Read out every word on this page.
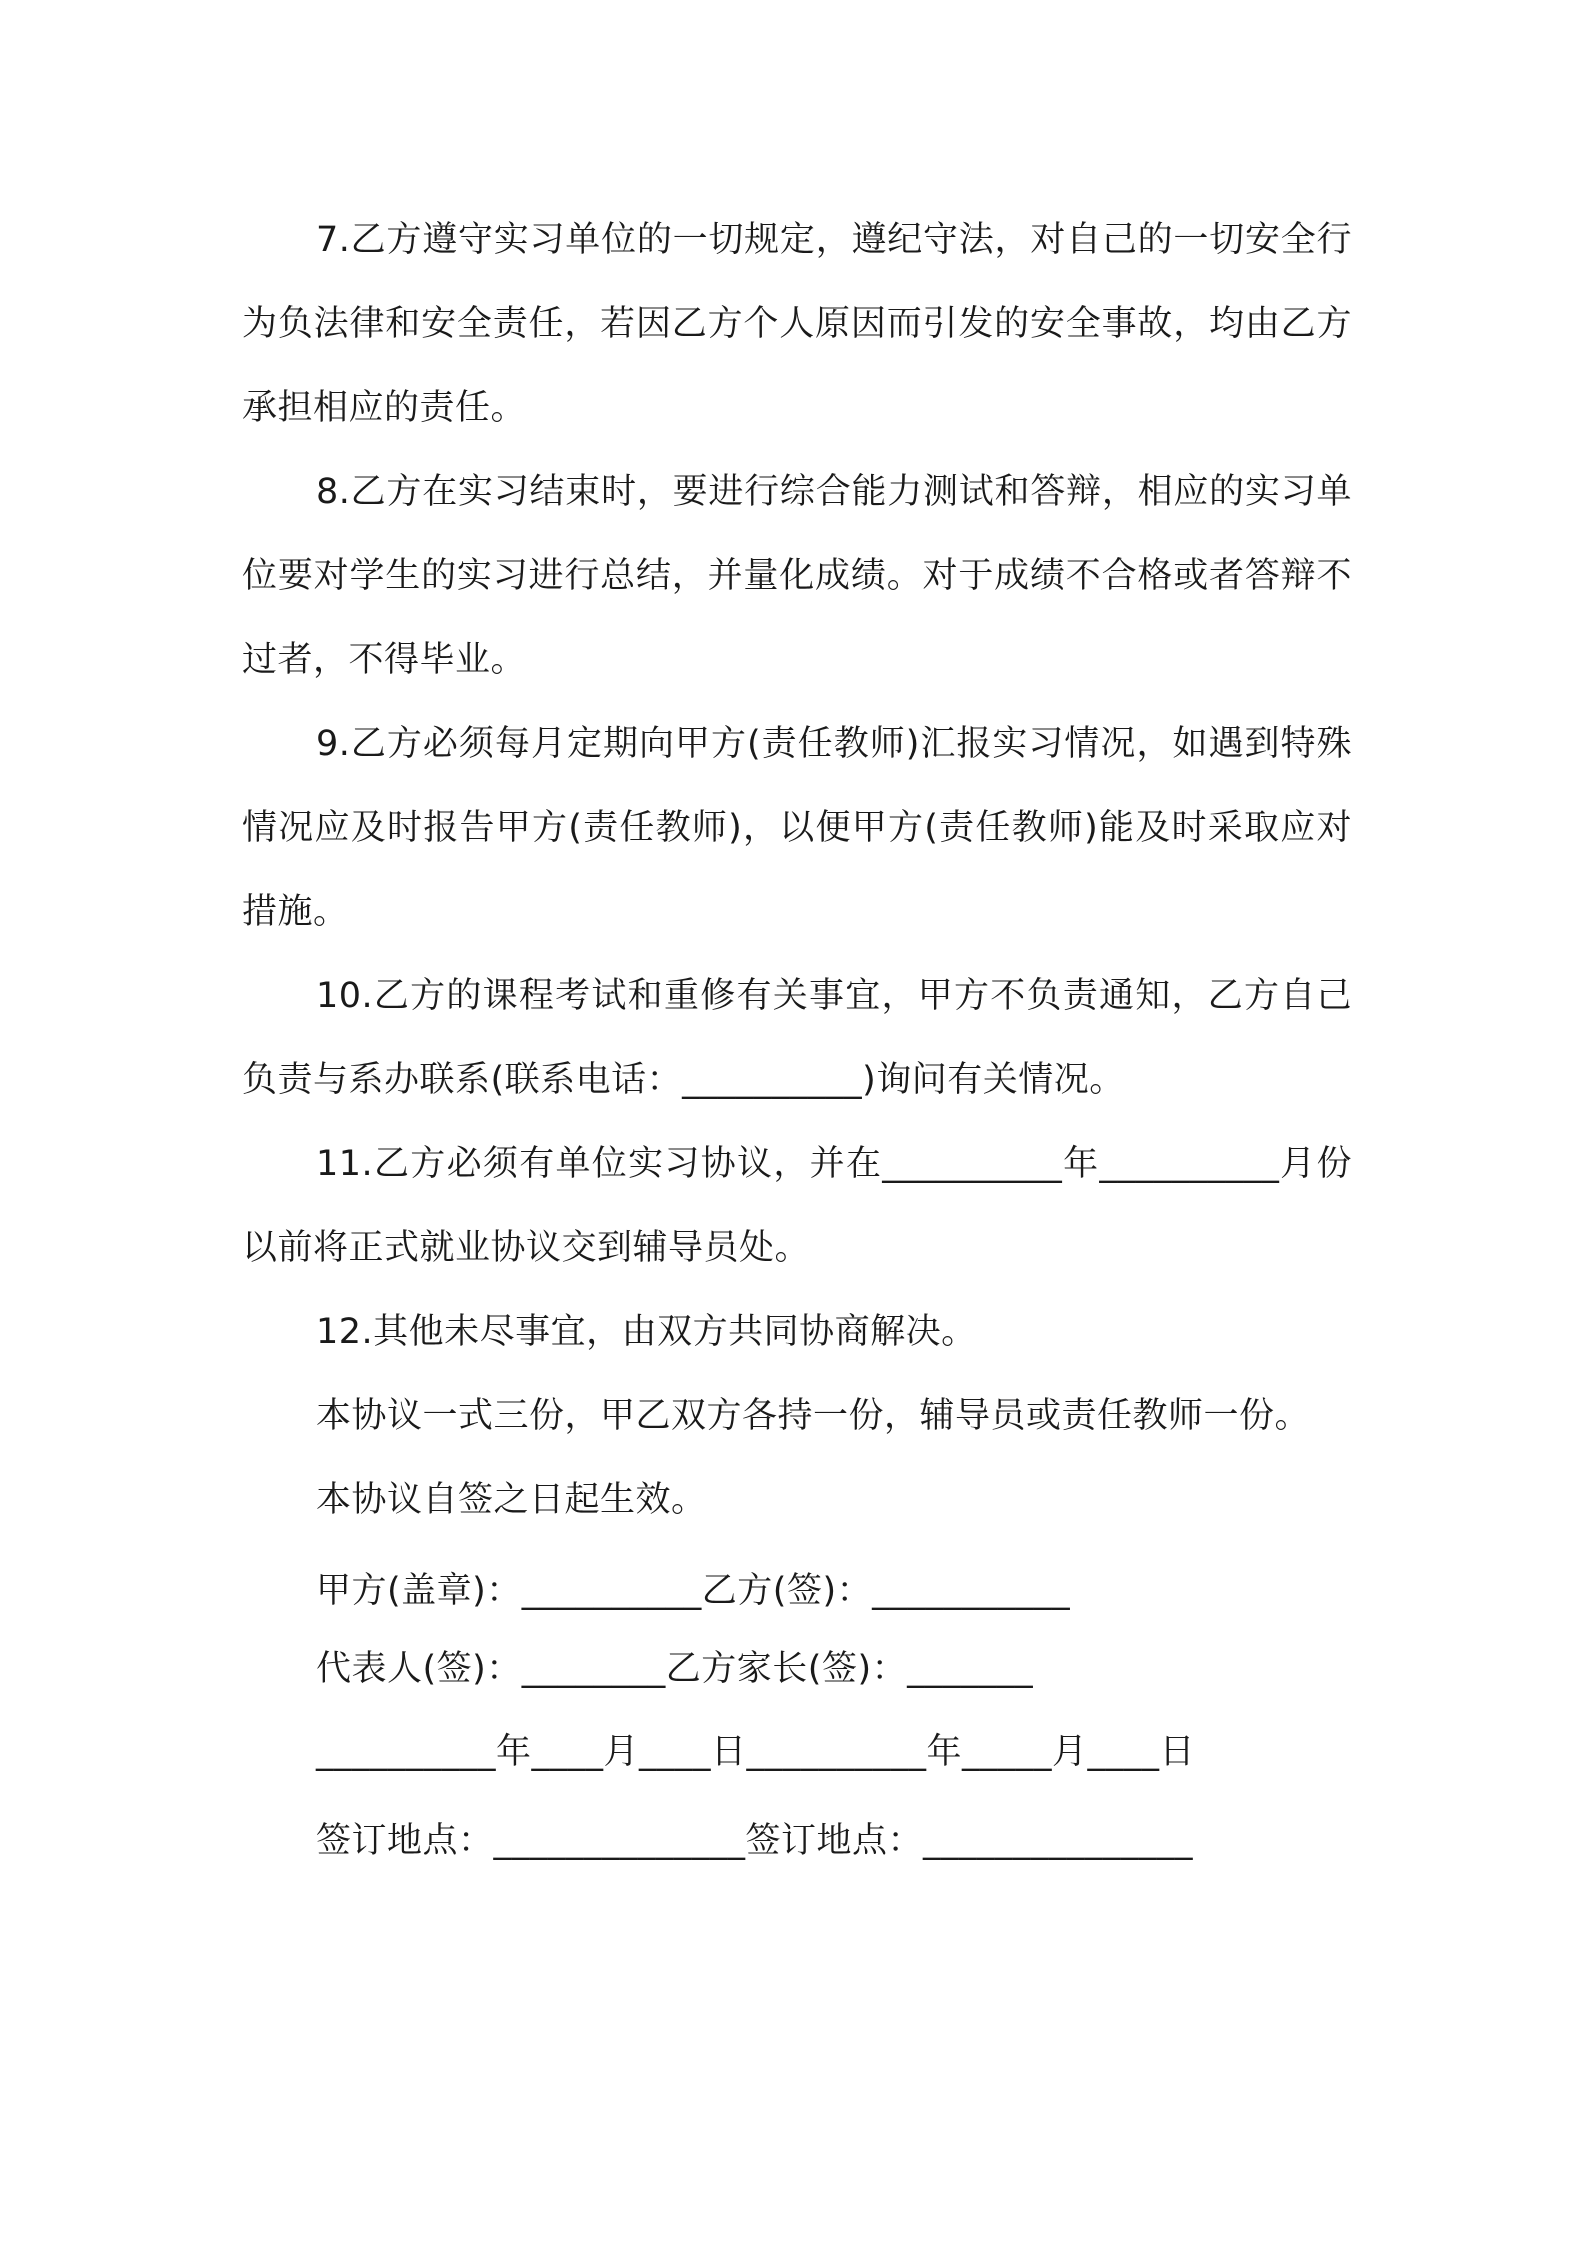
7.乙方遵守实习单位的一切规定，遵纪守法，对自己的一切安全行为负法律和安全责任，若因乙方个人原因而引发的安全事故，均由乙方承担相应的责任。

8.乙方在实习结束时，要进行综合能力测试和答辩，相应的实习单位要对学生的实习进行总结，并量化成绩。对于成绩不合格或者答辩不过者，不得毕业。

9.乙方必须每月定期向甲方(责任教师)汇报实习情况，如遇到特殊情况应及时报告甲方(责任教师)，以便甲方(责任教师)能及时采取应对措施。

10.乙方的课程考试和重修有关事宜，甲方不负责通知，乙方自己负责与系办联系(联系电话：__________)询问有关情况。

11.乙方必须有单位实习协议，并在__________年__________月份以前将正式就业协议交到辅导员处。

12.其他未尽事宜，由双方共同协商解决。

本协议一式三份，甲乙双方各持一份，辅导员或责任教师一份。

本协议自签之日起生效。

甲方(盖章)：__________乙方(签)：___________

代表人(签)：________乙方家长(签)：_______

__________年____月____日__________年_____月____日

签订地点：______________签订地点：_______________
